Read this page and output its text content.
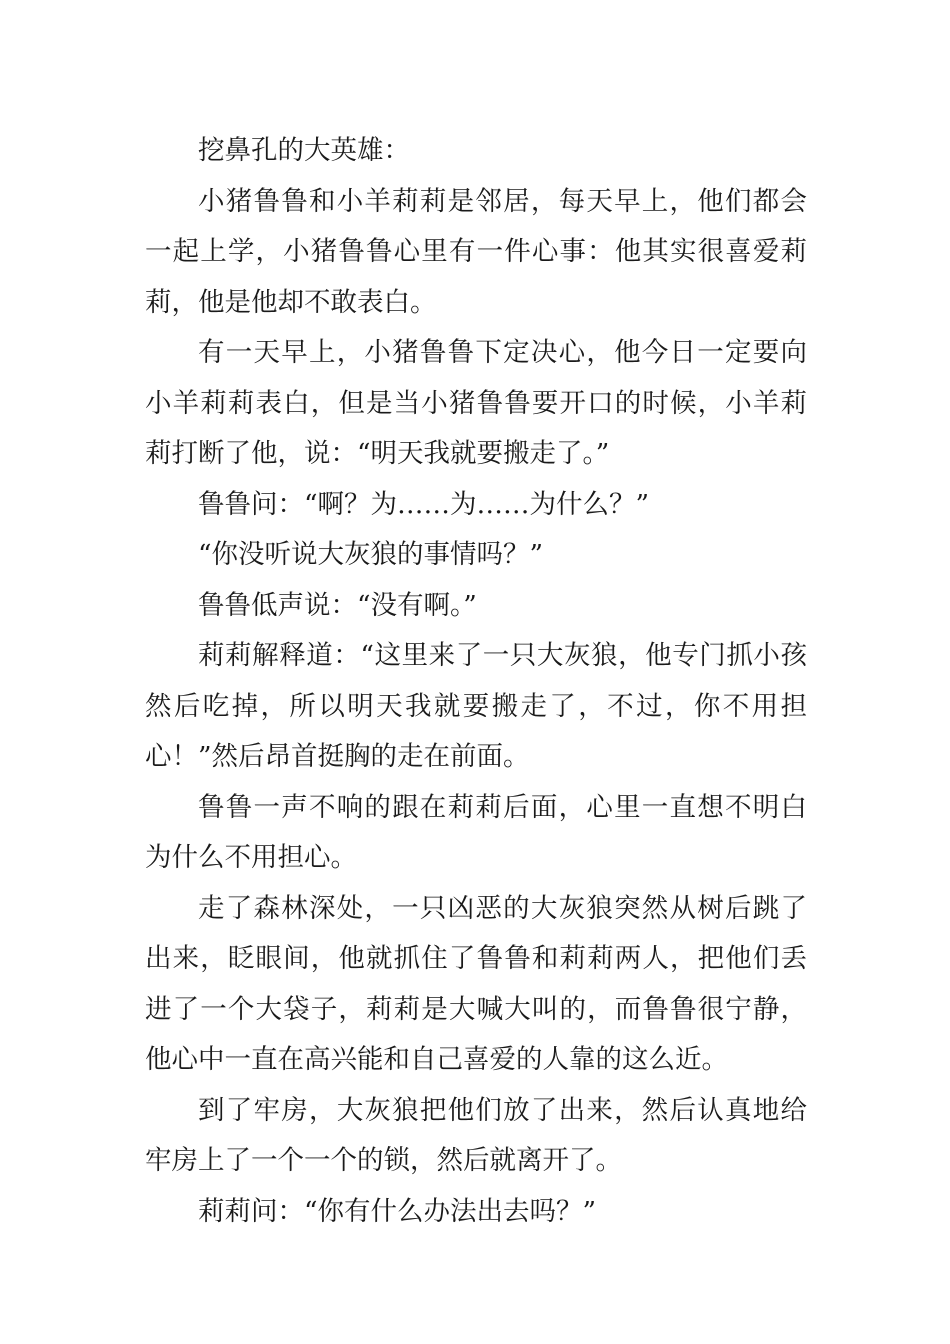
挖鼻孔的大英雄：

小猪鲁鲁和小羊莉莉是邻居，每天早上，他们都会一起上学，小猪鲁鲁心里有一件心事：他其实很喜爱莉莉，他是他却不敢表白。

有一天早上，小猪鲁鲁下定决心，他今日一定要向小羊莉莉表白，但是当小猪鲁鲁要开口的时候，小羊莉莉打断了他，说：“明天我就要搬走了。”

鲁鲁问：“啊？为……为……为什么？”

“你没听说大灰狼的事情吗？”

鲁鲁低声说：“没有啊。”

莉莉解释道：“这里来了一只大灰狼，他专门抓小孩然后吃掉，所以明天我就要搬走了，不过，你不用担心！”然后昂首挺胸的走在前面。

鲁鲁一声不响的跟在莉莉后面，心里一直想不明白为什么不用担心。

走了森林深处，一只凶恶的大灰狼突然从树后跳了出来，眨眼间，他就抓住了鲁鲁和莉莉两人，把他们丢进了一个大袋子，莉莉是大喊大叫的，而鲁鲁很宁静，他心中一直在高兴能和自己喜爱的人靠的这么近。

到了牢房，大灰狼把他们放了出来，然后认真地给牢房上了一个一个的锁，然后就离开了。

莉莉问：“你有什么办法出去吗？”
